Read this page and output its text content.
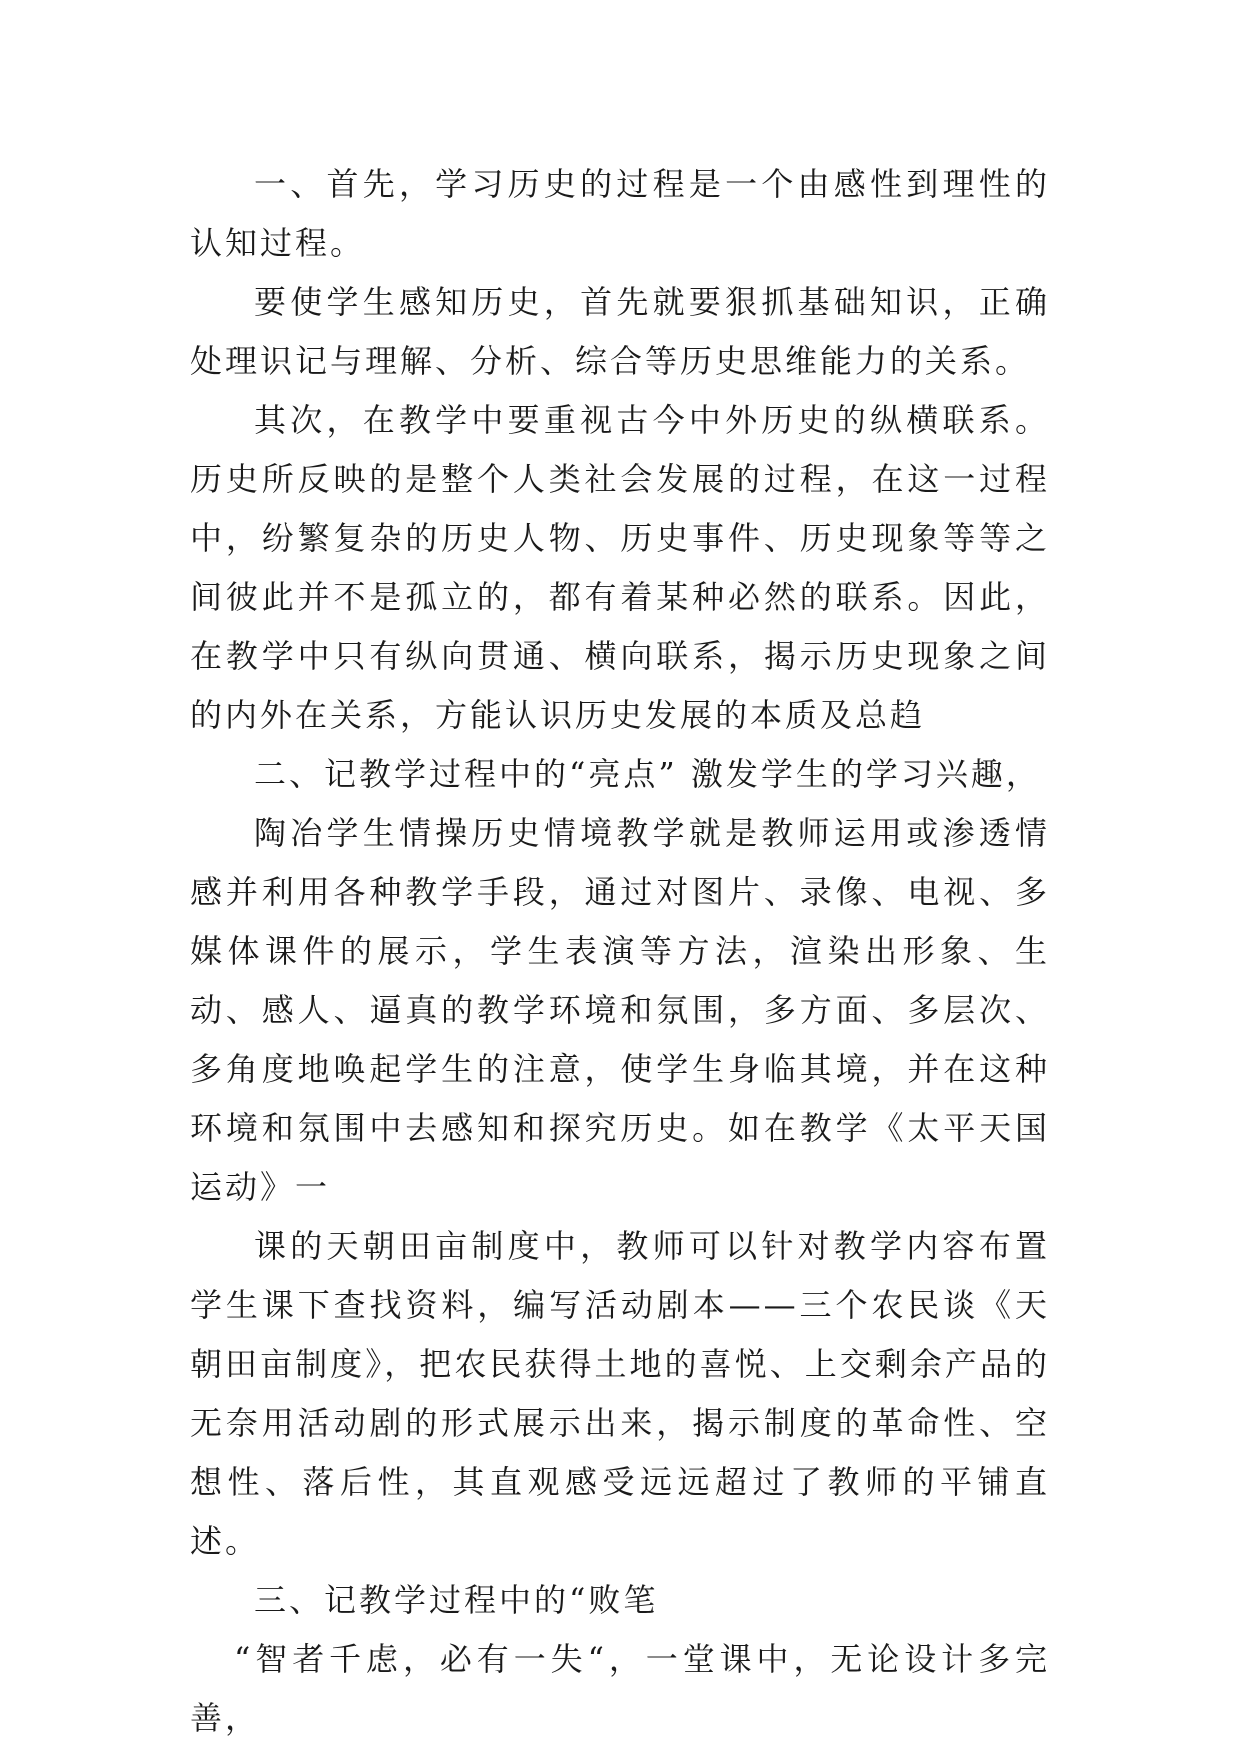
一、首先，学习历史的过程是一个由感性到理性的认知过程。

要使学生感知历史，首先就要狠抓基础知识，正确处理识记与理解、分析、综合等历史思维能力的关系。

其次，在教学中要重视古今中外历史的纵横联系。历史所反映的是整个人类社会发展的过程，在这一过程中，纷繁复杂的历史人物、历史事件、历史现象等等之间彼此并不是孤立的，都有着某种必然的联系。因此，在教学中只有纵向贯通、横向联系，揭示历史现象之间的内外在关系，方能认识历史发展的本质及总趋

二、记教学过程中的“亮点” 激发学生的学习兴趣，

陶冶学生情操历史情境教学就是教师运用或渗透情感并利用各种教学手段，通过对图片、录像、电视、多媒体课件的展示，学生表演等方法，渲染出形象、生动、感人、逼真的教学环境和氛围，多方面、多层次、多角度地唤起学生的注意，使学生身临其境，并在这种环境和氛围中去感知和探究历史。如在教学《太平天国运动》一

课的天朝田亩制度中，教师可以针对教学内容布置学生课下查找资料，编写活动剧本——三个农民谈《天朝田亩制度》，把农民获得土地的喜悦、上交剩余产品的无奈用活动剧的形式展示出来，揭示制度的革命性、空想性、落后性，其直观感受远远超过了教师的平铺直述。

三、记教学过程中的“败笔

“智者千虑，必有一失“，一堂课中，无论设计多完善，
